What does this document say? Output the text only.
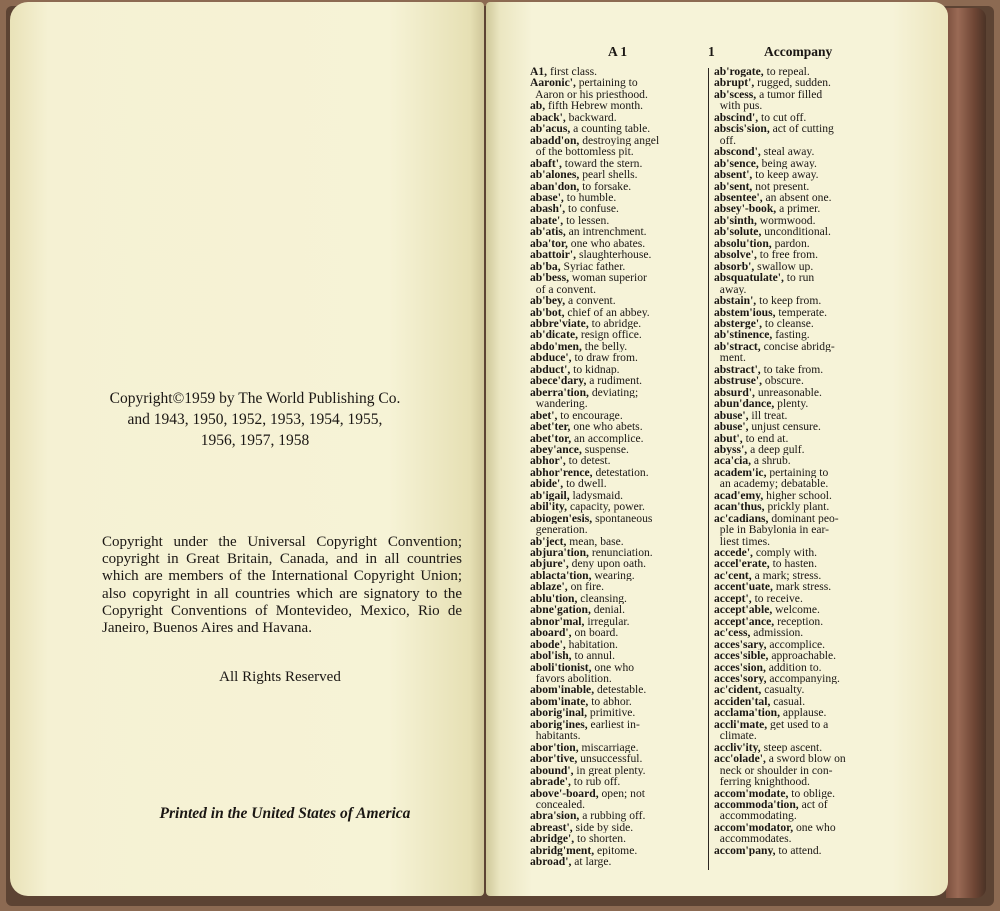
Copyright©1959 by The World Publishing Co.
and 1943, 1950, 1952, 1953, 1954, 1955,
1956, 1957, 1958
Copyright under the Universal Copyright Convention; copyright in Great Britain, Canada, and in all countries which are members of the International Copyright Union; also copyright in all countries which are signatory to the Copyright Conventions of Montevideo, Mexico, Rio de Janeiro, Buenos Aires and Havana.
All Rights Reserved
Printed in the United States of America
A 1	1	Accompany
A1, first class.
Aaronic', pertaining to
Aaron or his priesthood.
ab, fifth Hebrew month.
aback', backward.
ab'acus, a counting table.
abadd'on, destroying angel
of the bottomless pit.
abaft', toward the stern.
ab'alones, pearl shells.
aban'don, to forsake.
abase', to humble.
abash', to confuse.
abate', to lessen.
ab'atis, an intrenchment.
aba'tor, one who abates.
abattoir', slaughterhouse.
ab'ba, Syriac father.
ab'bess, woman superior
of a convent.
ab'bey, a convent.
ab'bot, chief of an abbey.
abbre'viate, to abridge.
ab'dicate, resign office.
abdo'men, the belly.
abduce', to draw from.
abduct', to kidnap.
abece'dary, a rudiment.
aberra'tion, deviating;
wandering.
abet', to encourage.
abet'ter, one who abets.
abet'tor, an accomplice.
abey'ance, suspense.
abhor', to detest.
abhor'rence, detestation.
abide', to dwell.
ab'igail, ladysmaid.
abil'ity, capacity, power.
abiogen'esis, spontaneous
generation.
ab'ject, mean, base.
abjura'tion, renunciation.
abjure', deny upon oath.
ablacta'tion, wearing.
ablaze', on fire.
ablu'tion, cleansing.
abne'gation, denial.
abnor'mal, irregular.
aboard', on board.
abode', habitation.
abol'ish, to annul.
aboli'tionist, one who
favors abolition.
abom'inable, detestable.
abom'inate, to abhor.
aborig'inal, primitive.
aborig'ines, earliest in-
habitants.
abor'tion, miscarriage.
abor'tive, unsuccessful.
abound', in great plenty.
abrade', to rub off.
above'-board, open; not
concealed.
abra'sion, a rubbing off.
abreast', side by side.
abridge', to shorten.
abridg'ment, epitome.
abroad', at large.
ab'rogate, to repeal.
abrupt', rugged, sudden.
ab'scess, a tumor filled
with pus.
abscind', to cut off.
abscis'sion, act of cutting
off.
abscond', steal away.
ab'sence, being away.
absent', to keep away.
ab'sent, not present.
absentee', an absent one.
absey'-book, a primer.
ab'sinth, wormwood.
ab'solute, unconditional.
absolu'tion, pardon.
absolve', to free from.
absorb', swallow up.
absquatulate', to run
away.
abstain', to keep from.
abstem'ious, temperate.
absterge', to cleanse.
ab'stinence, fasting.
ab'stract, concise abridg-
ment.
abstract', to take from.
abstruse', obscure.
absurd', unreasonable.
abun'dance, plenty.
abuse', ill treat.
abuse', unjust censure.
abut', to end at.
abyss', a deep gulf.
aca'cia, a shrub.
academ'ic, pertaining to
an academy; debatable.
acad'emy, higher school.
acan'thus, prickly plant.
ac'cadians, dominant peo-
ple in Babylonia in ear-
liest times.
accede', comply with.
accel'erate, to hasten.
ac'cent, a mark; stress.
accent'uate, mark stress.
accept', to receive.
accept'able, welcome.
accept'ance, reception.
ac'cess, admission.
acces'sary, accomplice.
acces'sible, approachable.
acces'sion, addition to.
acces'sory, accompanying.
ac'cident, casualty.
acciden'tal, casual.
acclama'tion, applause.
accli'mate, get used to a
climate.
accliv'ity, steep ascent.
acc'olade', a sword blow on
neck or shoulder in con-
ferring knighthood.
accom'modate, to oblige.
accommoda'tion, act of
accommodating.
accom'modator, one who
accommodates.
accom'pany, to attend.
